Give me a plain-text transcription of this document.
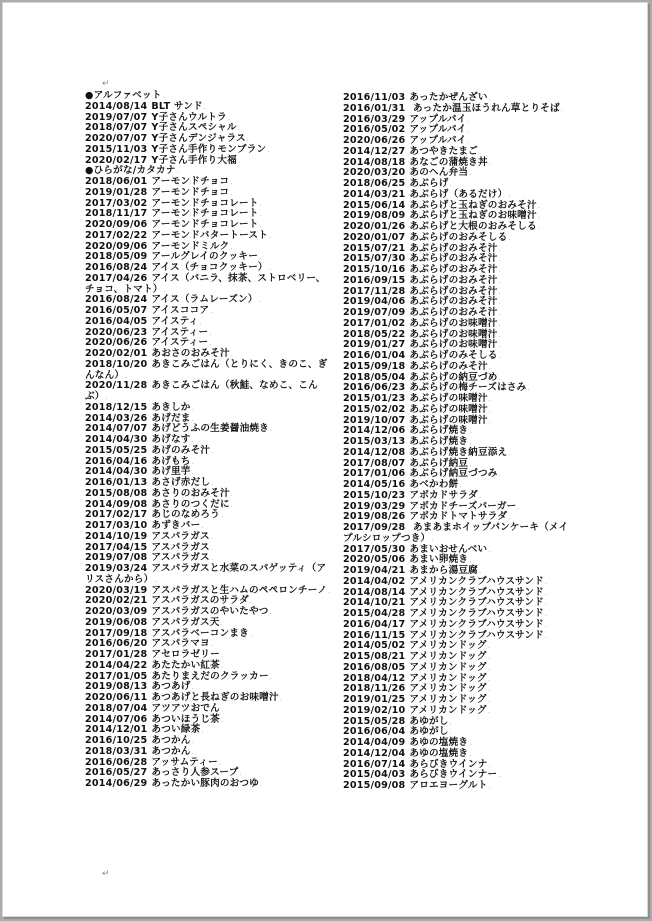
↵
●アルファベット.
2014/08/14 BLT サンド.
2019/07/07 Y子さんウルトラ.
2018/07/07 Y子さんスペシャル.
2020/07/07 Y子さんデンジャラス.
2015/11/03 Y子さん手作りモンブラン.
2020/02/17 Y子さん手作り大福.
●ひらがな/カタカナ.
2018/06/01 アーモンドチョコ.
2019/01/28 アーモンドチョコ.
2017/03/02 アーモンドチョコレート.
2018/11/17 アーモンドチョコレート.
2020/09/06 アーモンドチョコレート.
2017/02/22 アーモンドバタートースト.
2020/09/06 アーモンドミルク.
2018/05/09 アールグレイのクッキー.
2016/08/24 アイス（チョコクッキー）.
2017/04/26 アイス（バニラ、抹茶、ストロベリー、チョコ、トマト）.
2016/08/24 アイス（ラムレーズン）.
2016/05/07 アイスココア.
2016/04/05 アイスティ.
2020/06/23 アイスティー.
2020/06/26 アイスティー.
2020/02/01 あおさのおみそ汁.
2018/10/20 あきこみごはん（とりにく、きのこ、ぎんなん）.
2020/11/28 あきこみごはん（秋鮭、なめこ、こんぶ）.
2018/12/15 あきしか.
2014/03/26 あげだま.
2014/07/07 あげどうふの生姜醤油焼き.
2014/04/30 あげなす.
2015/05/25 あげのみそ汁.
2016/04/16 あげもち.
2014/04/30 あげ里芋.
2016/01/13 あさげ赤だし.
2015/08/08 あさりのおみそ汁.
2014/09/08 あさりのつくだに.
2017/02/17 あじのなめろう.
2017/03/10 あずきバー.
2014/10/19 アスパラガス.
2017/04/15 アスパラガス.
2019/07/08 アスパラガス.
2019/03/24 アスパラガスと水菜のスパゲッティ（アリスさんから）.
2020/03/19 アスパラガスと生ハムのペペロンチーノ.
2020/02/21 アスパラガスのサラダ.
2020/03/09 アスパラガスのやいたやつ.
2019/06/08 アスパラガス天.
2017/09/18 アスパラベーコンまき.
2016/06/20 アスパラマヨ.
2017/01/28 アセロラゼリー.
2014/04/22 あたたかい紅茶.
2017/01/05 あたりまえだのクラッカー.
2019/08/13 あつあげ.
2020/06/11 あつあげと長ねぎのお味噌汁.
2018/07/04 アツアツおでん.
2014/07/06 あついほうじ茶.
2014/12/01 あつい緑茶.
2016/10/25 あつかん.
2018/03/31 あつかん.
2016/06/28 アッサムティー.
2016/05/27 あっさり人参スープ.
2014/06/29 あったかい豚肉のおつゆ.
2016/11/03 あったかぜんざい.
2016/01/31 あったか温玉ほうれん草とりそば.
2016/03/29 アップルパイ.
2016/05/02 アップルパイ.
2020/06/26 アップルパイ.
2014/12/27 あつやきたまご.
2014/08/18 あなごの蒲焼き丼.
2020/03/20 あのへん弁当.
2018/06/25 あぶらげ.
2014/03/21 あぶらげ（あるだけ）.
2015/06/14 あぶらげと玉ねぎのおみそ汁.
2019/08/09 あぶらげと玉ねぎのお味噌汁.
2020/01/26 あぶらげと大根のおみそしる.
2020/01/07 あぶらげのおみそしる.
2015/07/21 あぶらげのおみそ汁.
2015/07/30 あぶらげのおみそ汁.
2015/10/16 あぶらげのおみそ汁.
2016/09/15 あぶらげのおみそ汁.
2017/11/28 あぶらげのおみそ汁.
2019/04/06 あぶらげのおみそ汁.
2019/07/09 あぶらげのおみそ汁.
2017/01/02 あぶらげのお味噌汁.
2018/05/22 あぶらげのお味噌汁.
2019/01/27 あぶらげのお味噌汁.
2016/01/04 あぶらげのみそしる.
2015/09/18 あぶらげのみそ汁.
2018/05/04 あぶらげの納豆づめ.
2016/06/23 あぶらげの梅チーズはさみ.
2015/01/23 あぶらげの味噌汁.
2015/02/02 あぶらげの味噌汁.
2019/10/07 あぶらげの味噌汁.
2014/12/06 あぶらげ焼き.
2015/03/13 あぶらげ焼き.
2014/12/08 あぶらげ焼き納豆添え.
2017/08/07 あぶらげ納豆.
2017/01/06 あぶらげ納豆づつみ.
2014/05/16 あべかわ餅.
2015/10/23 アボカドサラダ.
2019/03/29 アボカドチーズバーガー.
2019/08/26 アボカドトマトサラダ.
2017/09/28 あまあまホイップパンケーキ（メイプルシロップつき）.
2017/05/30 あまいおせんべい.
2020/05/06 あまい卵焼き.
2019/04/21 あまから湯豆腐.
2014/04/02 アメリカンクラブハウスサンド.
2014/08/14 アメリカンクラブハウスサンド.
2014/10/21 アメリカンクラブハウスサンド.
2015/04/28 アメリカンクラブハウスサンド.
2016/04/17 アメリカンクラブハウスサンド.
2016/11/15 アメリカンクラブハウスサンド.
2014/05/02 アメリカンドッグ.
2015/08/21 アメリカンドッグ.
2016/08/05 アメリカンドッグ.
2018/04/12 アメリカンドッグ.
2018/11/26 アメリカンドッグ.
2019/01/25 アメリカンドッグ.
2019/02/10 アメリカンドッグ.
2015/05/28 あゆがし.
2016/06/04 あゆがし.
2014/04/09 あゆの塩焼き.
2014/12/04 あゆの塩焼き.
2016/07/14 あらびきウインナ.
2015/04/03 あらびきウインナー.
2015/09/08 アロエヨーグルト.
↵
